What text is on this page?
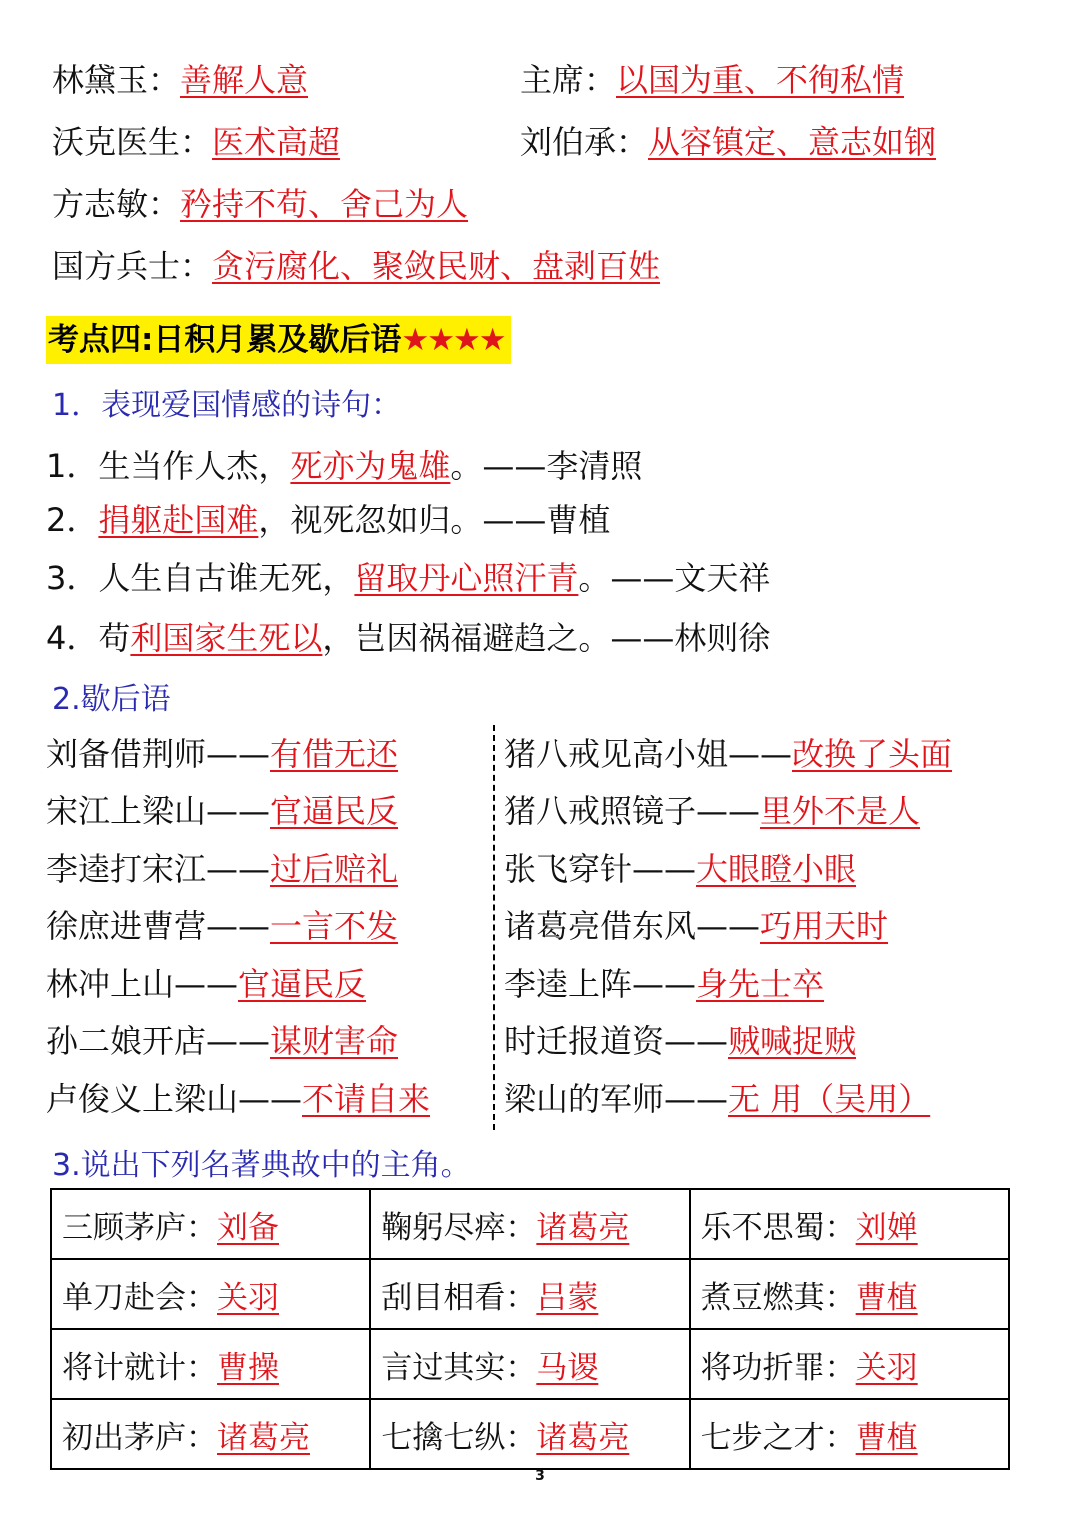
林黛玉：善解人意	主席：以国为重、不徇私情
沃克医生：医术高超	刘伯承：从容镇定、意志如钢
方志敏：矜持不苟、舍己为人
国方兵士：贪污腐化、聚敛民财、盘剥百姓
考点四:日积月累及歇后语★★★★
1．表现爱国情感的诗句：
1．生当作人杰，死亦为鬼雄。——李清照
2．捐躯赴国难，视死忽如归。——曹植
3．人生自古谁无死，留取丹心照汗青。——文天祥
4．苟利国家生死以，岂因祸福避趋之。——林则徐
2.歇后语
刘备借荆师——有借无还
宋江上梁山——官逼民反
李逵打宋江——过后赔礼
徐庶进曹营——一言不发
林冲上山——官逼民反
孙二娘开店——谋财害命
卢俊义上梁山——不请自来
猪八戒见高小姐——改换了头面
猪八戒照镜子——里外不是人
张飞穿针——大眼瞪小眼
诸葛亮借东风——巧用天时
李逵上阵——身先士卒
时迁报道资——贼喊捉贼
梁山的军师——无 用（吴用）
3.说出下列名著典故中的主角。
三顾茅庐：刘备	鞠躬尽瘁：诸葛亮	乐不思蜀：刘婵
单刀赴会：关羽	刮目相看：吕蒙	煮豆燃萁：曹植
将计就计：曹操	言过其实：马谡	将功折罪：关羽
初出茅庐：诸葛亮	七擒七纵：诸葛亮	七步之才：曹植
3
